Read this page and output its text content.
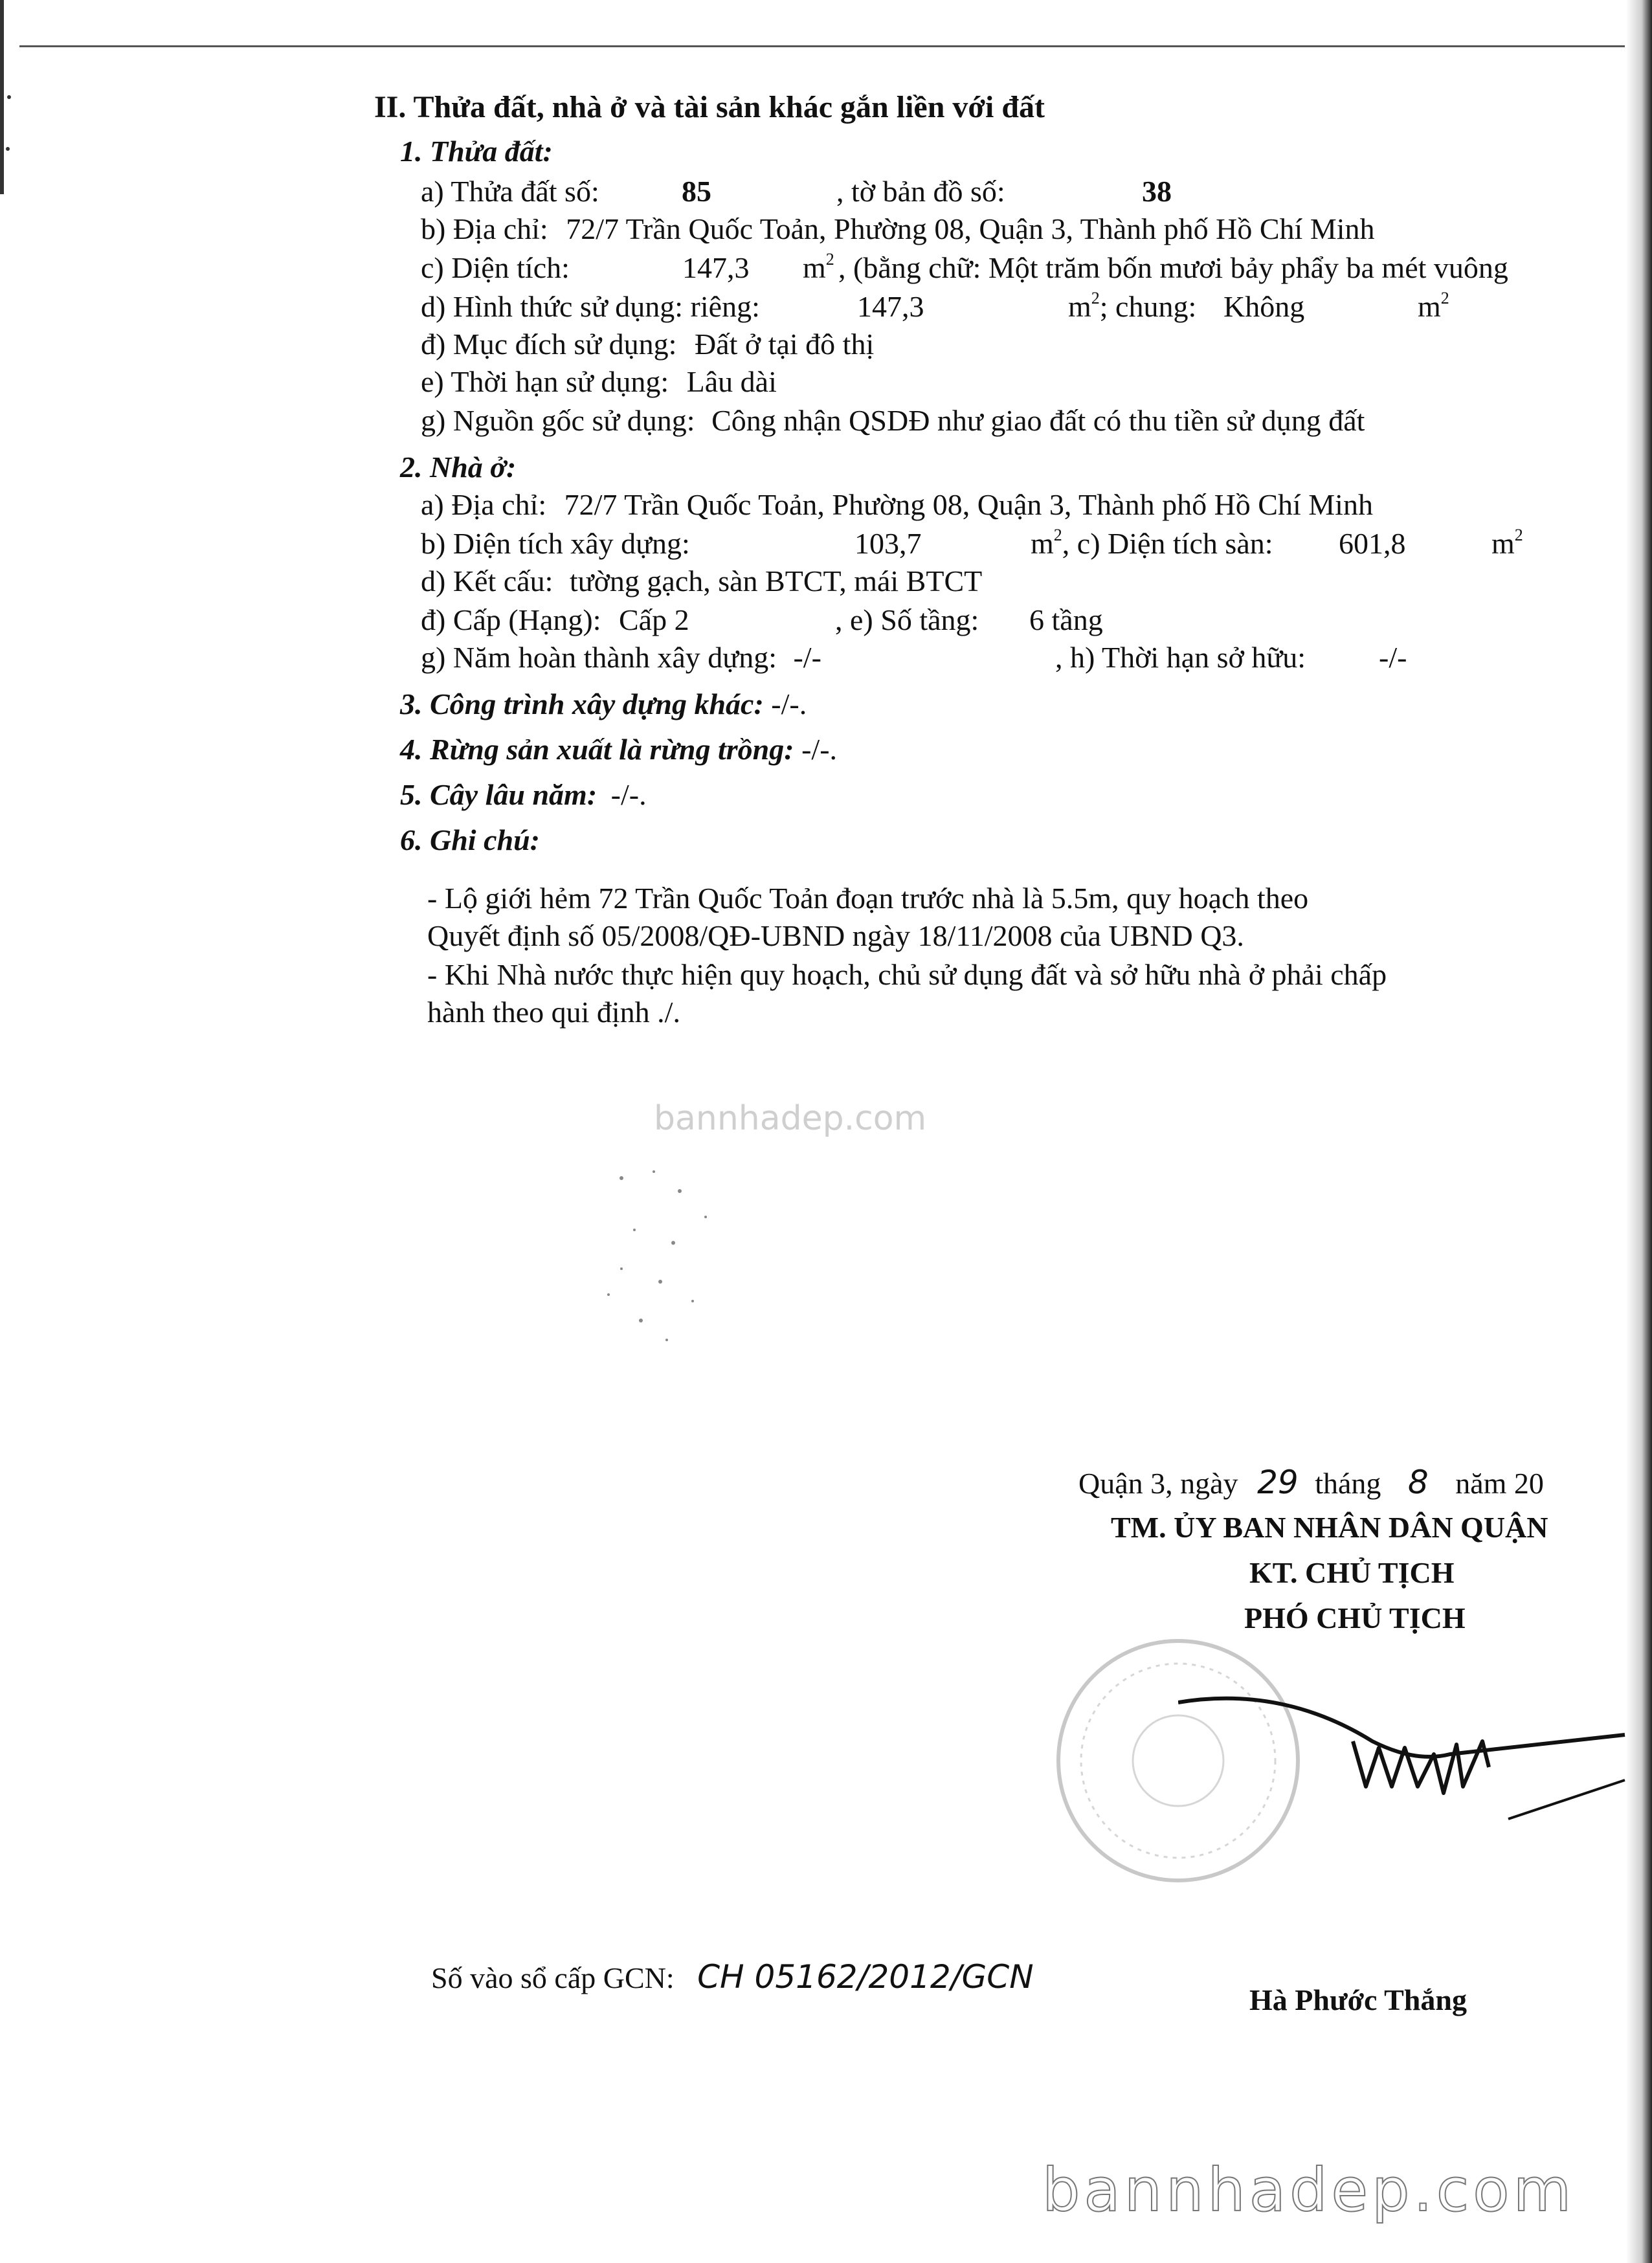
II. Thửa đất, nhà ở và tài sản khác gắn liền với đất
1. Thửa đất:
a) Thửa đất số:	85	, tờ bản đồ số:	38
b) Địa chỉ: 72/7 Trần Quốc Toản, Phường 08, Quận 3, Thành phố Hồ Chí Minh
c) Diện tích:	147,3 $m^2$ , (bằng chữ: Một trăm bốn mươi bảy phẩy ba mét vuông
d) Hình thức sử dụng: riêng:	147,3	$m^2$; chung: Không	$m^2$
đ) Mục đích sử dụng: Đất ở tại đô thị
e) Thời hạn sử dụng: Lâu dài
g) Nguồn gốc sử dụng: Công nhận QSDĐ như giao đất có thu tiền sử dụng đất
2. Nhà ở:
a) Địa chỉ: 72/7 Trần Quốc Toản, Phường 08, Quận 3, Thành phố Hồ Chí Minh
b) Diện tích xây dựng:	103,7	$m^2$, c) Diện tích sàn: 601,8	$m^2$
d) Kết cấu: tường gạch, sàn BTCT, mái BTCT
đ) Cấp (Hạng): Cấp 2	, e) Số tầng: 6 tầng
g) Năm hoàn thành xây dựng: -/-	, h) Thời hạn sở hữu: -/-
3. Công trình xây dựng khác: -/-.
4. Rừng sản xuất là rừng trồng: -/-.
5. Cây lâu năm: -/-.
6. Ghi chú:
- Lộ giới hẻm 72 Trần Quốc Toản đoạn trước nhà là 5.5m, quy hoạch theo
Quyết định số 05/2008/QĐ-UBND ngày 18/11/2008 của UBND Q3.
- Khi Nhà nước thực hiện quy hoạch, chủ sử dụng đất và sở hữu nhà ở phải chấp
hành theo qui định ./.
bannhadep.com
Quận 3, ngày 29 tháng 8 năm 20
TM. ỦY BAN NHÂN DÂN QUẬN
KT. CHỦ TỊCH
PHÓ CHỦ TỊCH
Hà Phước Thắng
Số vào sổ cấp GCN: CH 05162/2012/GCN
bannhadep.com
